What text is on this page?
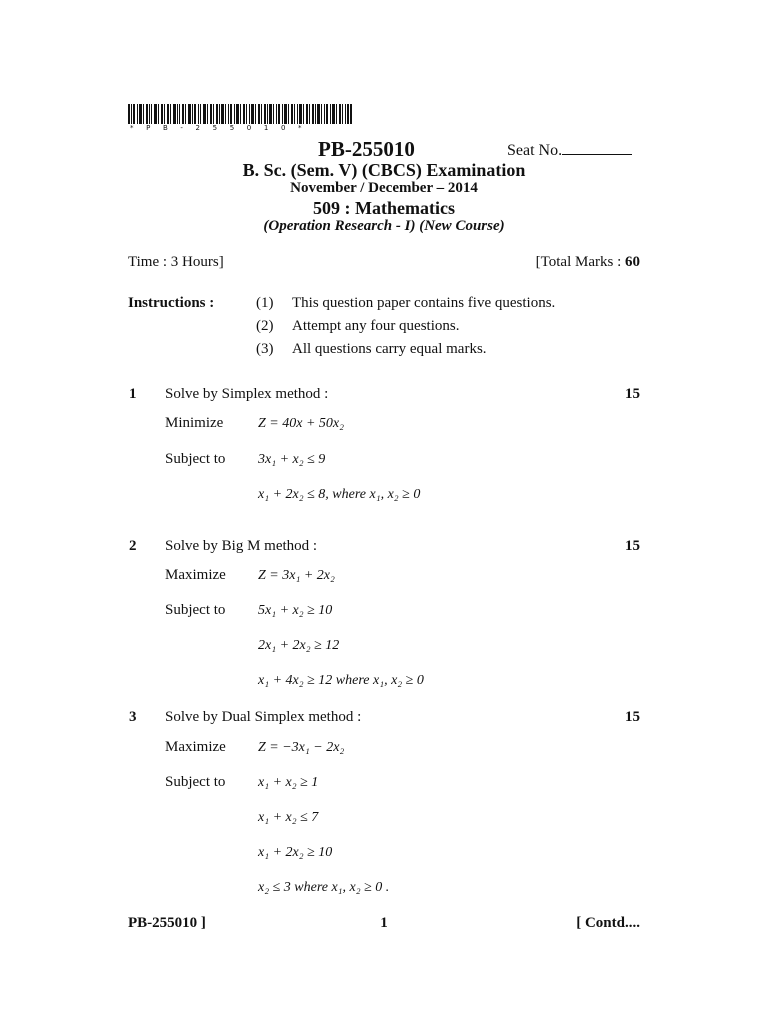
* P B - 2 5 5 0 1 0 *
PB-255010	Seat No.
B. Sc. (Sem. V) (CBCS) Examination
November / December – 2014
509 : Mathematics
(Operation Research - I) (New Course)
Time : 3 Hours]	[Total Marks : 60
Instructions :	(1) This question paper contains five questions.
(2) Attempt any four questions.
(3) All questions carry equal marks.
1 Solve by Simplex method :	15
Minimize Z = 40x + 50x₂
Subject to 3x₁ + x₂ ≤ 9
x₁ + 2x₂ ≤ 8, where x₁, x₂ ≥ 0
2 Solve by Big M method :	15
Maximize Z = 3x₁ + 2x₂
Subject to 5x₁ + x₂ ≥ 10
2x₁ + 2x₂ ≥ 12
x₁ + 4x₂ ≥ 12 where x₁, x₂ ≥ 0
3 Solve by Dual Simplex method :	15
Maximize Z = −3x₁ − 2x₂
Subject to x₁ + x₂ ≥ 1
x₁ + x₂ ≤ 7
x₁ + 2x₂ ≥ 10
x₂ ≤ 3 where x₁, x₂ ≥ 0 .
PB-255010 ]	1	[ Contd....
